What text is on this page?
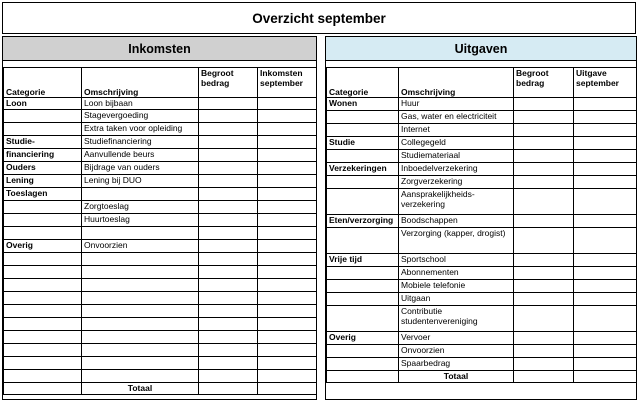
Overzicht september
Inkomsten
Categorie	Omschrijving	Begroot bedrag	Inkomsten september
Loon	Loon bijbaan		
	Stagevergoeding		
	Extra taken voor opleiding		
Studie-	Studiefinanciering		
financiering	Aanvullende beurs		
Ouders	Bijdrage van ouders		
Lening	Lening bij DUO		
Toeslagen			
	Zorgtoeslag		
	Huurtoeslag		

Overig	Onvoorzien		

	Totaal		
Uitgaven
Categorie	Omschrijving	Begroot bedrag	Uitgave september
Wonen	Huur		
	Gas, water en electriciteit		
	Internet		
Studie	Collegegeld		
	Studiemateriaal		
Verzekeringen	Inboedelverzekering		
	Zorgverzekering		
	Aansprakelijkheids-verzekering		
Eten/verzorging	Boodschappen		
	Verzorging (kapper, drogist)		
Vrije tijd	Sportschool		
	Abonnementen		
	Mobiele telefonie		
	Uitgaan		
	Contributie studentenvereniging		
Overig	Vervoer		
	Onvoorzien		
	Spaarbedrag		
	Totaal		
